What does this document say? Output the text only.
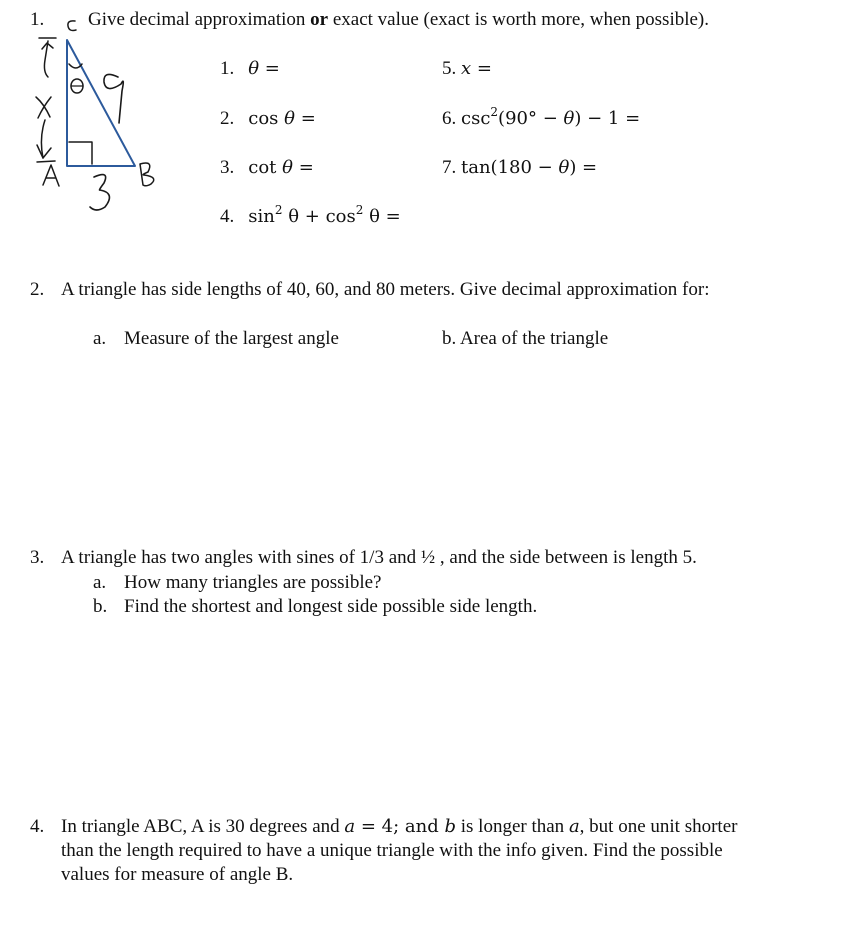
1. Give decimal approximation or exact value (exact is worth more, when possible).
1. θ =
2. cos θ =
3. cot θ =
4. $\sin^2 \theta + \cos^2 \theta$ =
5. x =
6. $\csc^2(90^\circ - \theta) - 1$ =
7. tan(180 − θ) =
2. A triangle has side lengths of 40, 60, and 80 meters. Give decimal approximation for:
a. Measure of the largest angle	b. Area of the triangle
3. A triangle has two angles with sines of 1/3 and ½ , and the side between is length 5.
a. How many triangles are possible?
b. Find the shortest and longest side possible side length.
4. In triangle ABC, A is 30 degrees and a = 4; and b is longer than a, but one unit shorter
than the length required to have a unique triangle with the info given. Find the possible
values for measure of angle B.
